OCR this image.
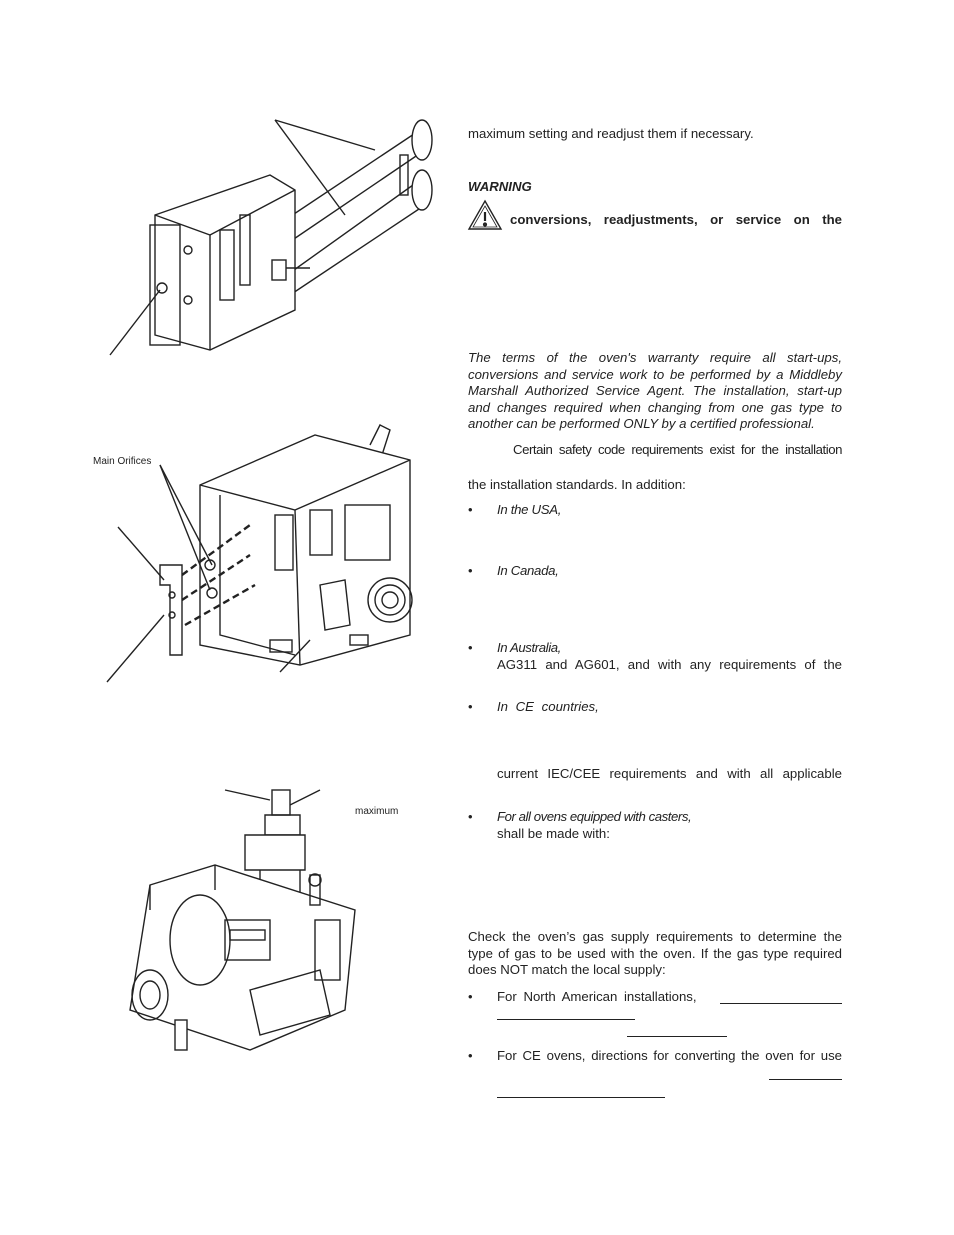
Main Orifices
maximum
maximum setting and readjust them if necessary.
WARNING
conversions, readjustments, or service on the
The terms of the oven's warranty require all start-ups, conversions and service work to be performed by a Middleby Marshall Authorized Service Agent. The installation, start-up and changes required when changing from one gas type to another can be performed ONLY by a certified professional.
Certain safety code requirements exist for the installation
the installation standards. In addition:
• In the USA,
• In Canada,
• In Australia,
AG311 and AG601, and with any requirements of the
• In CE countries,
current IEC/CEE requirements and with all applicable
• For all ovens equipped with casters,
shall be made with:
Check the oven’s gas supply requirements to determine the type of gas to be used with the oven. If the gas type required does NOT match the local supply:
• For North American installations,
• For CE ovens, directions for converting the oven for use
